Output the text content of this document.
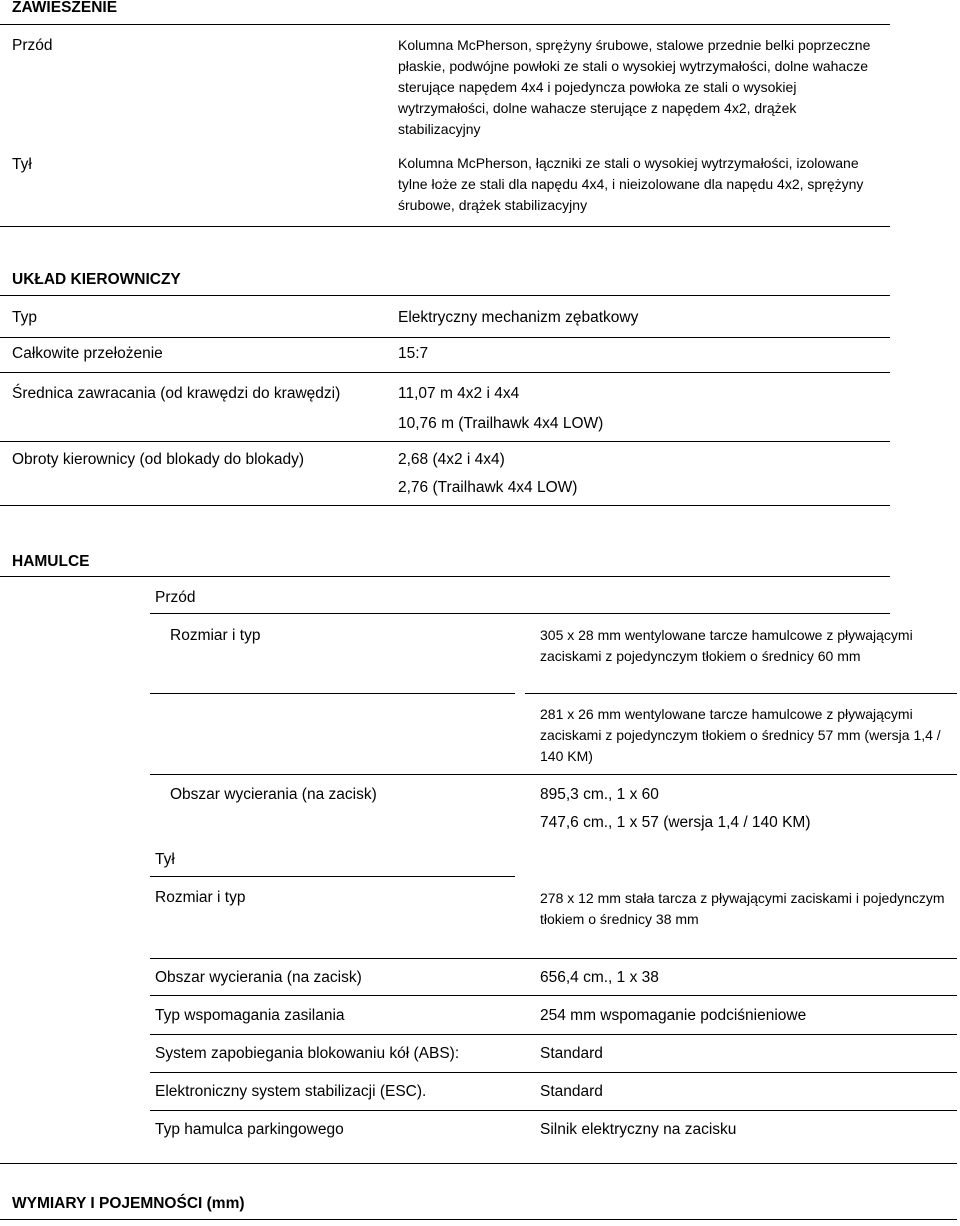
ZAWIESZENIE
Przód	Kolumna McPherson, sprężyny śrubowe, stalowe przednie belki poprzeczne płaskie, podwójne powłoki ze stali o wysokiej wytrzymałości, dolne wahacze sterujące napędem 4x4 i pojedyncza powłoka ze stali o wysokiej wytrzymałości, dolne wahacze sterujące z napędem 4x2, drążek stabilizacyjny
Tył	Kolumna McPherson, łączniki ze stali o wysokiej wytrzymałości, izolowane tylne łoże ze stali dla napędu 4x4, i nieizolowane dla napędu 4x2, sprężyny śrubowe, drążek stabilizacyjny
UKŁAD KIEROWNICZY
Typ	Elektryczny mechanizm zębatkowy
Całkowite przełożenie	15:7
Średnica zawracania (od krawędzi do krawędzi)	11,07 m 4x2 i 4x4
10,76 m (Trailhawk 4x4 LOW)
Obroty kierownicy (od blokady do blokady)	2,68 (4x2 i 4x4)
2,76 (Trailhawk 4x4 LOW)
HAMULCE
Przód
Rozmiar i typ	305 x 28 mm wentylowane tarcze hamulcowe z pływającymi zaciskami z pojedynczym tłokiem o średnicy 60 mm
281 x 26 mm wentylowane tarcze hamulcowe z pływającymi zaciskami z pojedynczym tłokiem o średnicy 57 mm (wersja 1,4 / 140 KM)
Obszar wycierania (na zacisk)	895,3 cm., 1 x 60
747,6 cm., 1 x 57 (wersja 1,4 / 140 KM)
Tył
Rozmiar i typ	278 x 12 mm stała tarcza z pływającymi zaciskami i pojedynczym tłokiem o średnicy 38 mm
Obszar wycierania (na zacisk)	656,4 cm., 1 x 38
Typ wspomagania zasilania	254 mm wspomaganie podciśnieniowe
System zapobiegania blokowaniu kół (ABS):	Standard
Elektroniczny system stabilizacji (ESC).	Standard
Typ hamulca parkingowego	Silnik elektryczny na zacisku
WYMIARY I POJEMNOŚCI (mm)
